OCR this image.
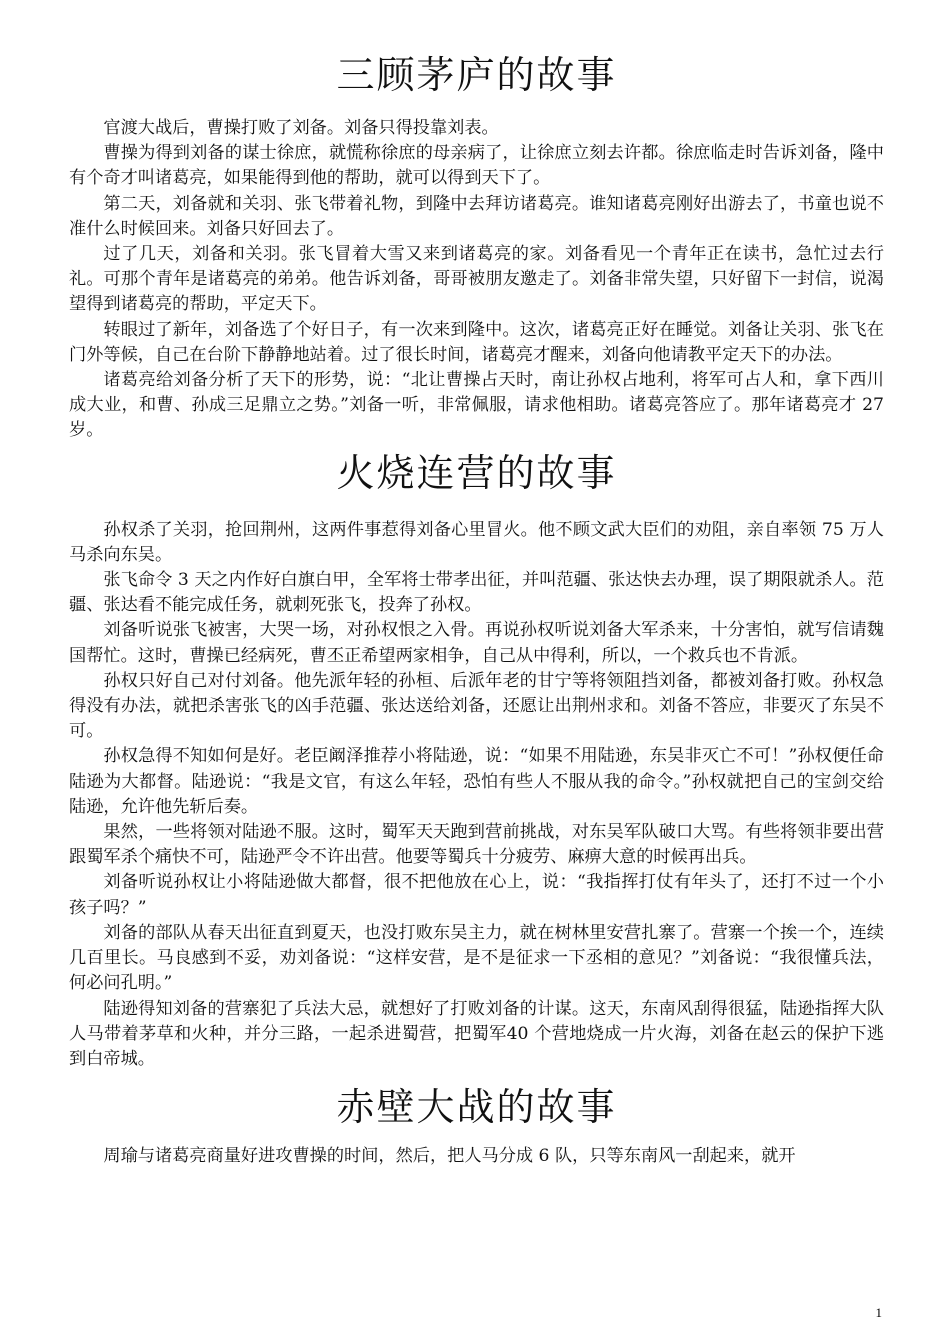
三顾茅庐的故事

官渡大战后，曹操打败了刘备。刘备只得投靠刘表。

曹操为得到刘备的谋士徐庶，就慌称徐庶的母亲病了，让徐庶立刻去许都。徐庶临走时告诉刘备，隆中有个奇才叫诸葛亮，如果能得到他的帮助，就可以得到天下了。

第二天，刘备就和关羽、张飞带着礼物，到隆中去拜访诸葛亮。谁知诸葛亮刚好出游去了，书童也说不准什么时候回来。刘备只好回去了。

过了几天，刘备和关羽。张飞冒着大雪又来到诸葛亮的家。刘备看见一个青年正在读书，急忙过去行礼。可那个青年是诸葛亮的弟弟。他告诉刘备，哥哥被朋友邀走了。刘备非常失望，只好留下一封信，说渴望得到诸葛亮的帮助，平定天下。

转眼过了新年，刘备选了个好日子，有一次来到隆中。这次，诸葛亮正好在睡觉。刘备让关羽、张飞在门外等候，自己在台阶下静静地站着。过了很长时间，诸葛亮才醒来，刘备向他请教平定天下的办法。

诸葛亮给刘备分析了天下的形势，说：“北让曹操占天时，南让孙权占地利，将军可占人和，拿下西川成大业，和曹、孙成三足鼎立之势。”刘备一听，非常佩服，请求他相助。诸葛亮答应了。那年诸葛亮才 27 岁。

火烧连营的故事

孙权杀了关羽，抢回荆州，这两件事惹得刘备心里冒火。他不顾文武大臣们的劝阻，亲自率领 75 万人马杀向东吴。

张飞命令 3 天之内作好白旗白甲，全军将士带孝出征，并叫范疆、张达快去办理，误了期限就杀人。范疆、张达看不能完成任务，就刺死张飞，投奔了孙权。

刘备听说张飞被害，大哭一场，对孙权恨之入骨。再说孙权听说刘备大军杀来，十分害怕，就写信请魏国帮忙。这时，曹操已经病死，曹丕正希望两家相争，自己从中得利，所以，一个救兵也不肯派。

孙权只好自己对付刘备。他先派年轻的孙桓、后派年老的甘宁等将领阻挡刘备，都被刘备打败。孙权急得没有办法，就把杀害张飞的凶手范疆、张达送给刘备，还愿让出荆州求和。刘备不答应，非要灭了东吴不可。

孙权急得不知如何是好。老臣阚泽推荐小将陆逊，说：“如果不用陆逊，东吴非灭亡不可！”孙权便任命陆逊为大都督。陆逊说：“我是文官，有这么年轻，恐怕有些人不服从我的命令。”孙权就把自己的宝剑交给陆逊，允许他先斩后奏。

果然，一些将领对陆逊不服。这时，蜀军天天跑到营前挑战，对东吴军队破口大骂。有些将领非要出营跟蜀军杀个痛快不可，陆逊严令不许出营。他要等蜀兵十分疲劳、麻痹大意的时候再出兵。

刘备听说孙权让小将陆逊做大都督，很不把他放在心上，说：“我指挥打仗有年头了，还打不过一个小孩子吗？”

刘备的部队从春天出征直到夏天，也没打败东吴主力，就在树林里安营扎寨了。营寨一个挨一个，连续几百里长。马良感到不妥，劝刘备说：“这样安营，是不是征求一下丞相的意见？”刘备说：“我很懂兵法，何必问孔明。”

陆逊得知刘备的营寨犯了兵法大忌，就想好了打败刘备的计谋。这天，东南风刮得很猛，陆逊指挥大队人马带着茅草和火种，并分三路，一起杀进蜀营，把蜀军40 个营地烧成一片火海，刘备在赵云的保护下逃到白帝城。

赤壁大战的故事

周瑜与诸葛亮商量好进攻曹操的时间，然后，把人马分成 6 队，只等东南风一刮起来，就开

1
